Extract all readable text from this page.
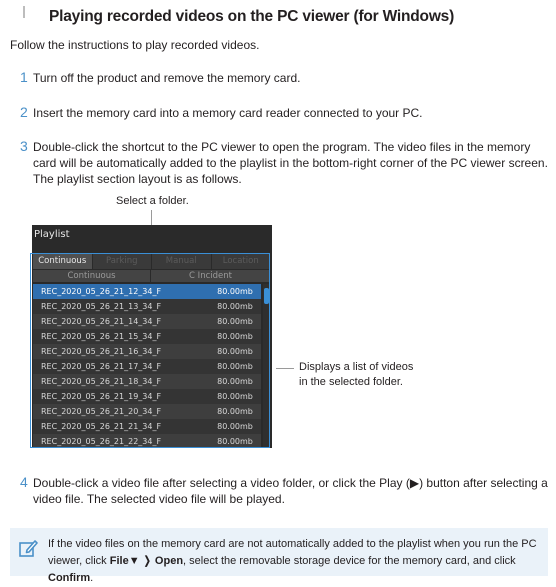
Playing recorded videos on the PC viewer (for Windows)
Follow the instructions to play recorded videos.
1 Turn off the product and remove the memory card.
2 Insert the memory card into a memory card reader connected to your PC.
3 Double-click the shortcut to the PC viewer to open the program. The video files in the memory card will be automatically added to the playlist in the bottom-right corner of the PC viewer screen. The playlist section layout is as follows.
Select a folder.
Playlist
Continuous	Parking	Manual	Location
Continuous	C Incident
REC_2020_05_26_21_12_34_F	80.00mb
REC_2020_05_26_21_13_34_F	80.00mb
REC_2020_05_26_21_14_34_F	80.00mb
REC_2020_05_26_21_15_34_F	80.00mb
REC_2020_05_26_21_16_34_F	80.00mb
REC_2020_05_26_21_17_34_F	80.00mb
REC_2020_05_26_21_18_34_F	80.00mb
REC_2020_05_26_21_19_34_F	80.00mb
REC_2020_05_26_21_20_34_F	80.00mb
REC_2020_05_26_21_21_34_F	80.00mb
REC_2020_05_26_21_22_34_F	80.00mb
Displays a list of videos
in the selected folder.
4 Double-click a video file after selecting a video folder, or click the Play (▶) button after selecting a video file. The selected video file will be played.
If the video files on the memory card are not automatically added to the playlist when you run the PC viewer, click File▼ ❭ Open, select the removable storage device for the memory card, and click Confirm.
